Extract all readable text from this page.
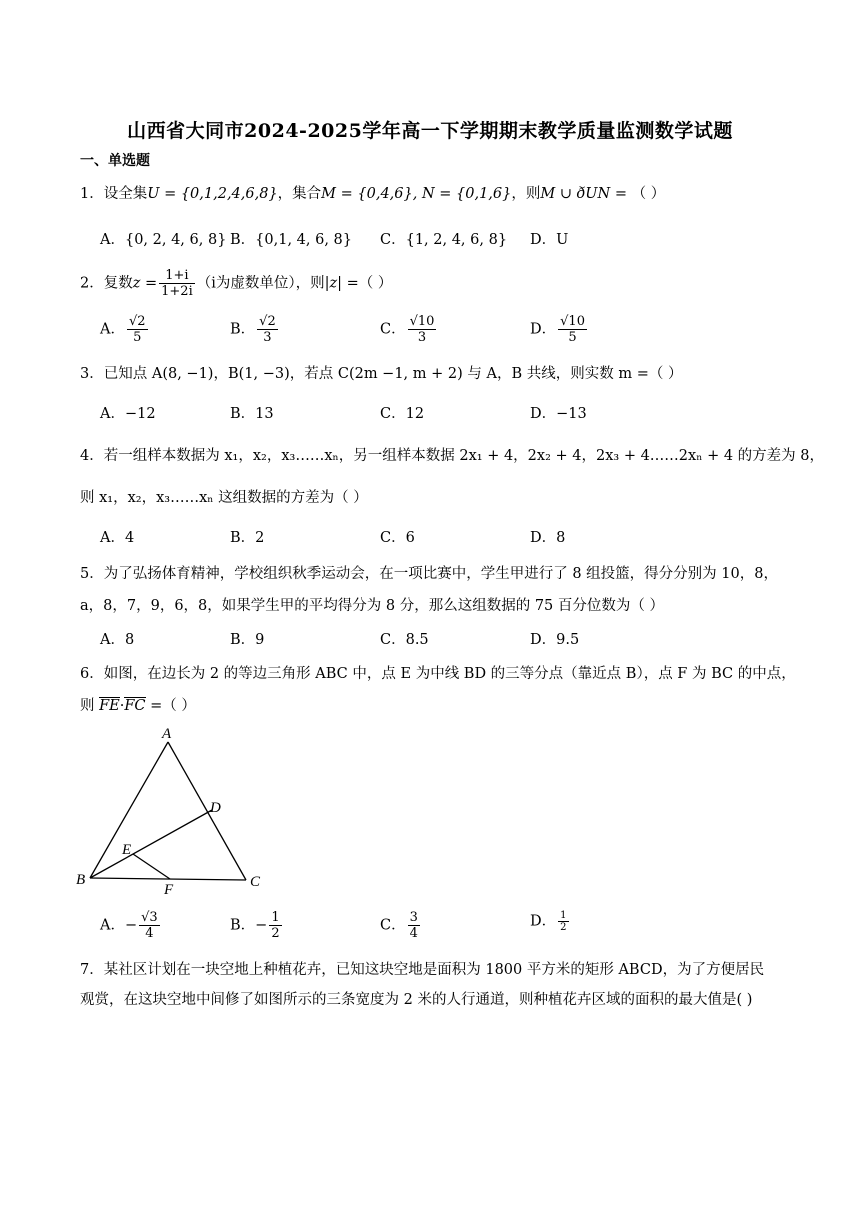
山西省大同市2024-2025学年高一下学期期末教学质量监测数学试题
一、单选题
1．设全集U = {0,1,2,4,6,8}，集合M = {0,4,6}, N = {0,1,6}，则M ∪ ðUN = （ ）
A．{0, 2, 4, 6, 8} B．{0,1, 4, 6, 8} C．{1, 2, 4, 6, 8} D．U
2．复数$z = \frac{1+i}{1+2i} (i$为虚数单位），则|z| =（ ）
A． $\frac{√2}{5}$	B． $\frac{√2}{3}$	C． $\frac{√10}{3}$	D． $\frac{√10}{5}$
3．已知点 A(8, −1)，B(1, −3)，若点 C(2m −1, m + 2) 与 A，B 共线，则实数 m =（ ）
A．−12	B．13	C．12	D．−13
4．若一组样本数据为 x₁，x₂，x₃……xₙ，另一组样本数据 2x₁ + 4，2x₂ + 4，2x₃ + 4……2xₙ + 4 的方差为 8，
则 x₁，x₂，x₃……xₙ 这组数据的方差为（ ）
A．4	B．2	C．6	D．8
5．为了弘扬体育精神，学校组织秋季运动会，在一项比赛中，学生甲进行了 8 组投篮，得分分别为 10，8，
a，8，7，9，6，8，如果学生甲的平均得分为 8 分，那么这组数据的 75 百分位数为（ ）
A．8	B．9	C．8.5	D．9.5
6．如图，在边长为 2 的等边三角形 ABC 中，点 E 为中线 BD 的三等分点（靠近点 B），点 F 为 BC 的中点，
则 FE·FC =（ ）
A
B	C
D
E
F
A．− $\frac{√3}{4}$	B．− $\frac{1}{2}$	C． $\frac{3}{4}$	D． $\frac{1}{2}$
7．某社区计划在一块空地上种植花卉，已知这块空地是面积为 1800 平方米的矩形 ABCD，为了方便居民
观赏，在这块空地中间修了如图所示的三条宽度为 2 米的人行通道，则种植花卉区域的面积的最大值是( )
